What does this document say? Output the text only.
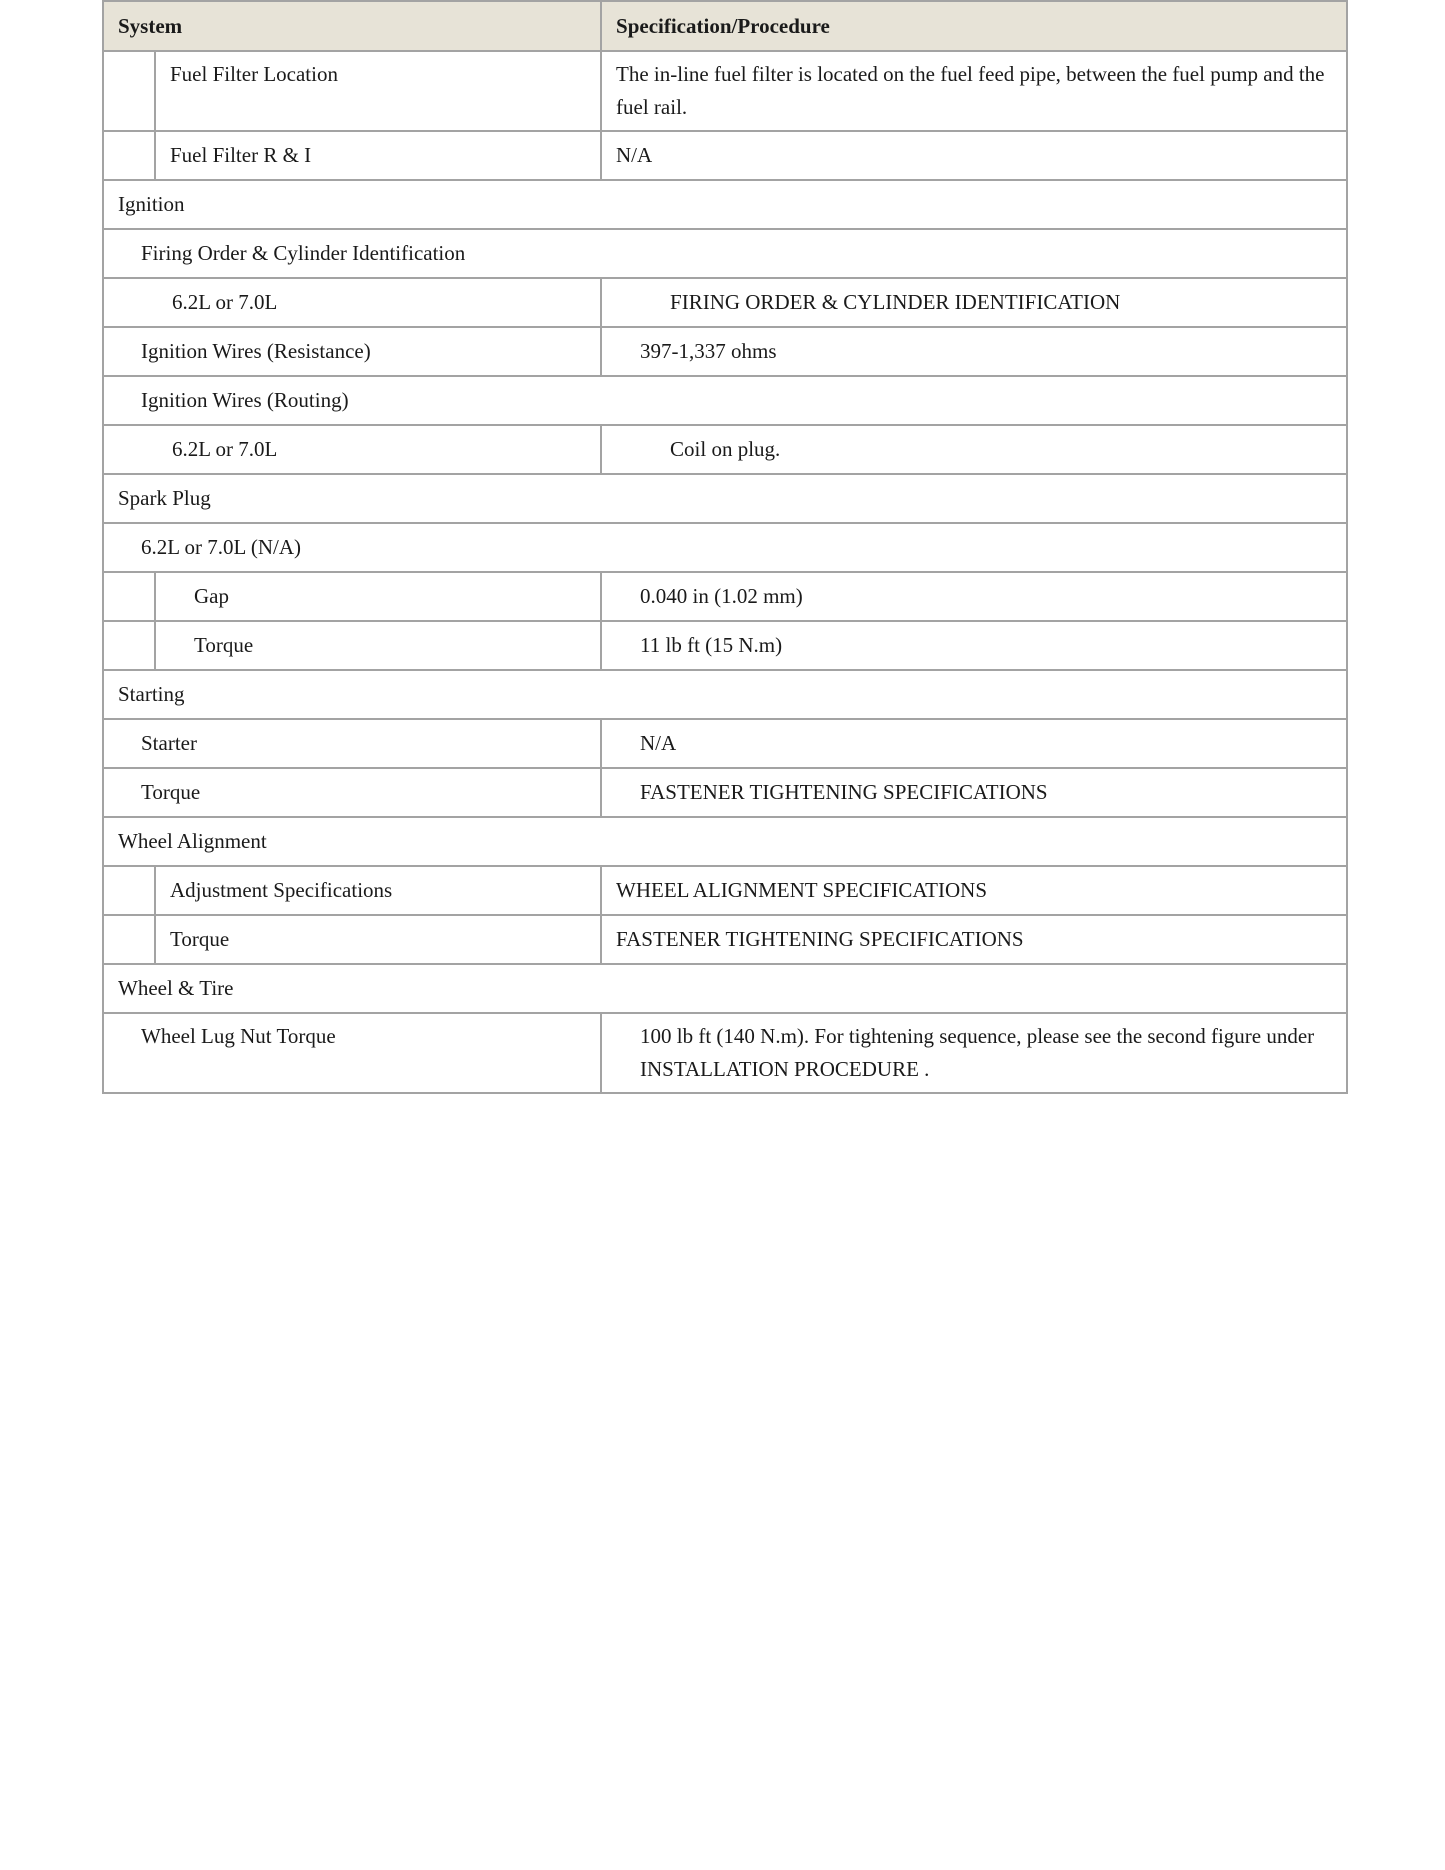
System		Specification/Procedure
	Fuel Filter Location	The in-line fuel filter is located on the fuel feed pipe, between the fuel pump and the fuel rail.
	Fuel Filter R & I	N/A
Ignition		
Firing Order & Cylinder Identification		
6.2L or 7.0L		FIRING ORDER & CYLINDER IDENTIFICATION
Ignition Wires (Resistance)		397-1,337 ohms
Ignition Wires (Routing)		
6.2L or 7.0L		Coil on plug.
Spark Plug		
6.2L or 7.0L (N/A)		
	Gap	0.040 in (1.02 mm)
	Torque	11 lb ft (15 N.m)
Starting		
Starter		N/A
Torque		FASTENER TIGHTENING SPECIFICATIONS
Wheel Alignment		
	Adjustment Specifications	WHEEL ALIGNMENT SPECIFICATIONS
	Torque	FASTENER TIGHTENING SPECIFICATIONS
Wheel & Tire		
Wheel Lug Nut Torque		100 lb ft (140 N.m). For tightening sequence, please see the second figure under INSTALLATION PROCEDURE .
